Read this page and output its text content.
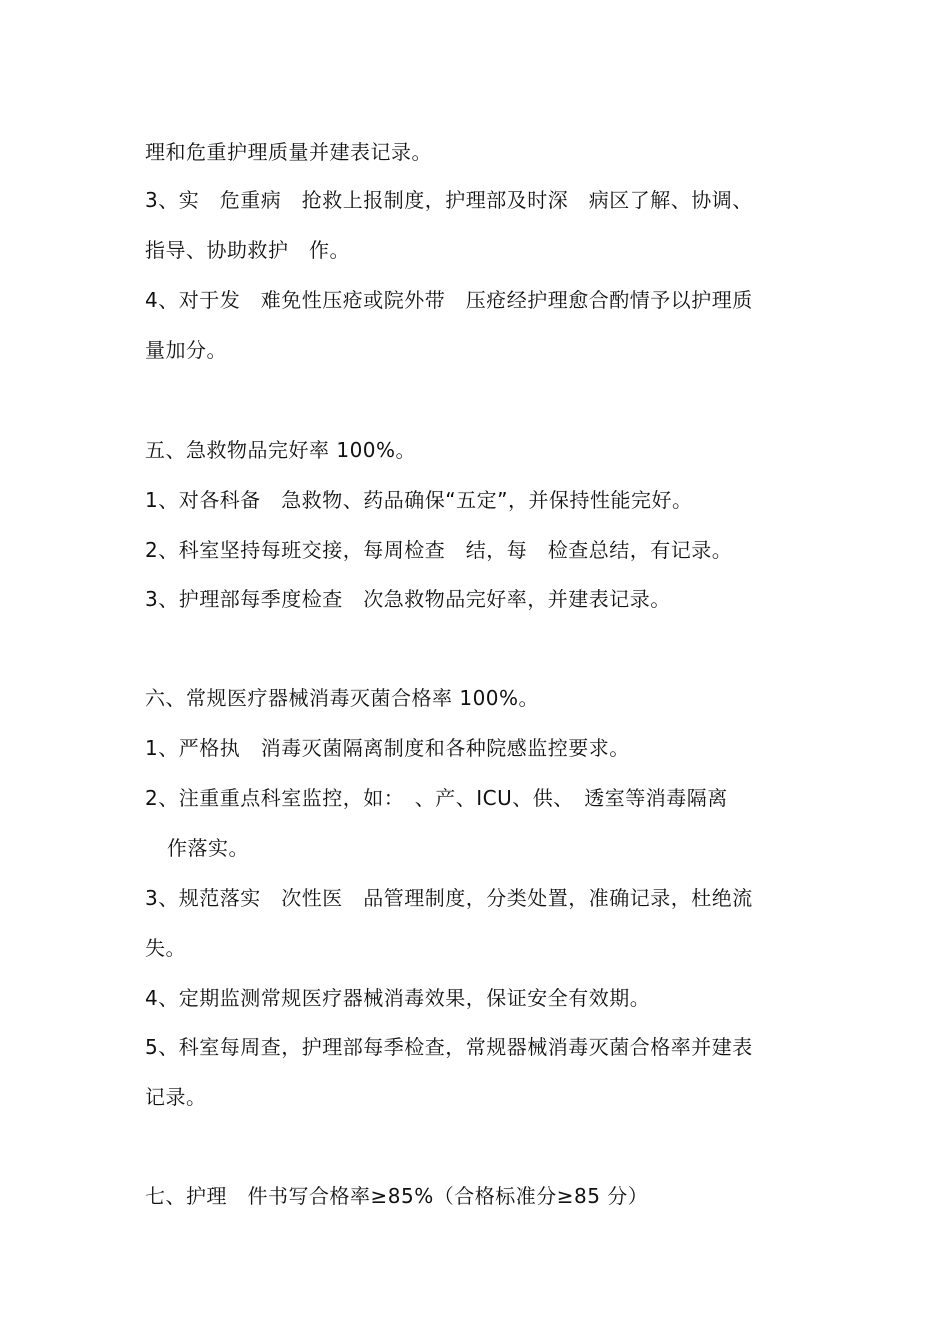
理和危重护理质量并建表记录。
3、实　危重病　抢救上报制度，护理部及时深　病区了解、协调、
指导、协助救护　作。
4、对于发　难免性压疮或院外带　压疮经护理愈合酌情予以护理质
量加分。
五、急救物品完好率 100%。
1、对各科备　急救物、药品确保“五定”，并保持性能完好。
2、科室坚持每班交接，每周检查　结，每　检查总结，有记录。
3、护理部每季度检查　次急救物品完好率，并建表记录。
六、常规医疗器械消毒灭菌合格率 100%。
1、严格执　消毒灭菌隔离制度和各种院感监控要求。
2、注重重点科室监控，如：　、产、ICU、供、　透室等消毒隔离
作落实。
3、规范落实　次性医　品管理制度，分类处置，准确记录，杜绝流
失。
4、定期监测常规医疗器械消毒效果，保证安全有效期。
5、科室每周查，护理部每季检查，常规器械消毒灭菌合格率并建表
记录。
七、护理　件书写合格率≥85%（合格标准分≥85 分）
